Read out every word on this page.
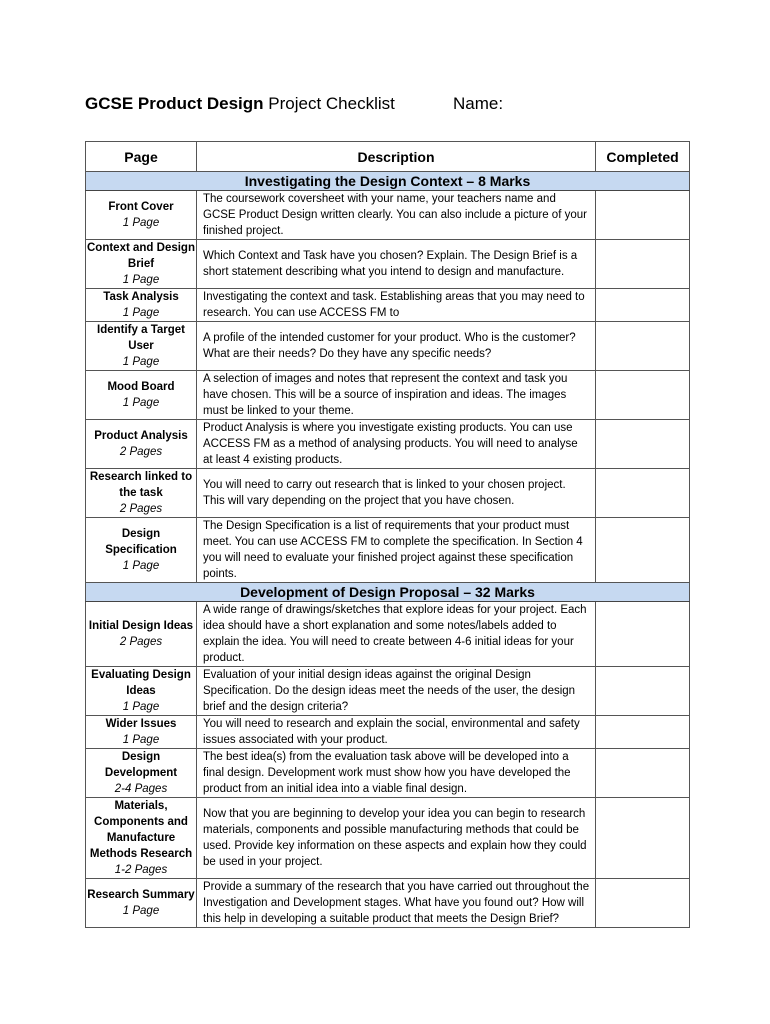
GCSE Product Design Project Checklist	Name:
Page	Description	Completed
Investigating the Design Context – 8 Marks		

Front Cover
1 Page	The coursework coversheet with your name, your teachers name and GCSE Product Design written clearly. You can also include a picture of your finished project.	

Context and Design Brief
1 Page	Which Context and Task have you chosen? Explain. The Design Brief is a short statement describing what you intend to design and manufacture.	

Task Analysis
1 Page	Investigating the context and task. Establishing areas that you may need to research. You can use ACCESS FM to	

Identify a Target User
1 Page	A profile of the intended customer for your product. Who is the customer? What are their needs? Do they have any specific needs?	

Mood Board
1 Page	A selection of images and notes that represent the context and task you have chosen. This will be a source of inspiration and ideas. The images must be linked to your theme.	

Product Analysis
2 Pages	Product Analysis is where you investigate existing products. You can use ACCESS FM as a method of analysing products. You will need to analyse at least 4 existing products.	

Research linked to the task
2 Pages	You will need to carry out research that is linked to your chosen project. This will vary depending on the project that you have chosen.	

Design Specification
1 Page	The Design Specification is a list of requirements that your product must meet. You can use ACCESS FM to complete the specification. In Section 4 you will need to evaluate your finished project against these specification points.	
Development of Design Proposal – 32 Marks		

Initial Design Ideas
2 Pages	A wide range of drawings/sketches that explore ideas for your project. Each idea should have a short explanation and some notes/labels added to explain the idea. You will need to create between 4-6 initial ideas for your product.	

Evaluating Design Ideas
1 Page	Evaluation of your initial design ideas against the original Design Specification. Do the design ideas meet the needs of the user, the design brief and the design criteria?	

Wider Issues
1 Page	You will need to research and explain the social, environmental and safety issues associated with your product.	

Design Development
2-4 Pages	The best idea(s) from the evaluation task above will be developed into a final design. Development work must show how you have developed the product from an initial idea into a viable final design.	

Materials, Components and Manufacture Methods Research
1-2 Pages	Now that you are beginning to develop your idea you can begin to research materials, components and possible manufacturing methods that could be used. Provide key information on these aspects and explain how they could be used in your project.	

Research Summary
1 Page	Provide a summary of the research that you have carried out throughout the Investigation and Development stages. What have you found out? How will this help in developing a suitable product that meets the Design Brief?	
